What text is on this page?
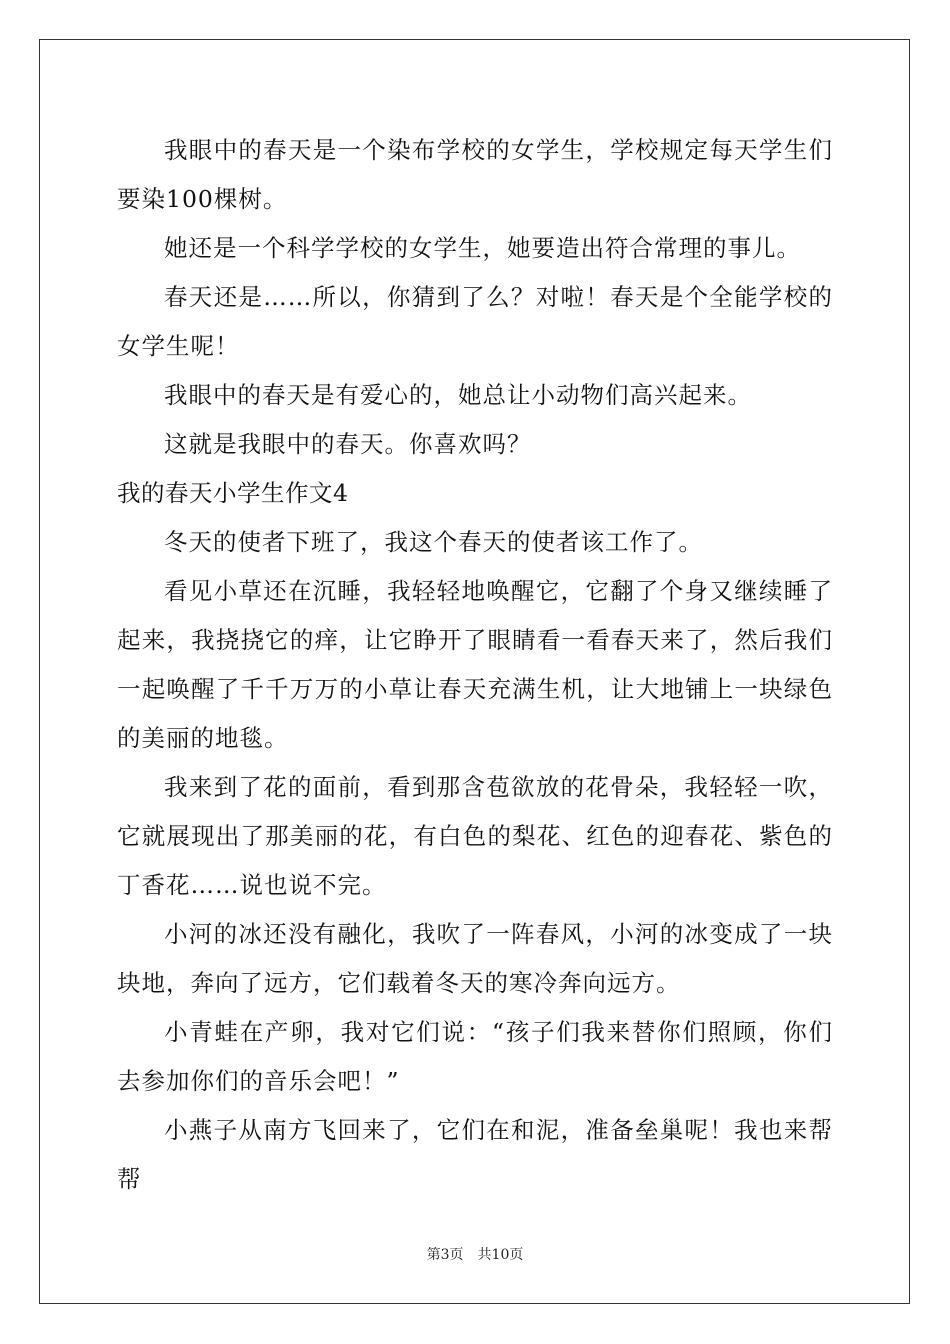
我眼中的春天是一个染布学校的女学生，学校规定每天学生们要染100棵树。

她还是一个科学学校的女学生，她要造出符合常理的事儿。

春天还是……所以，你猜到了么？对啦！春天是个全能学校的女学生呢！

我眼中的春天是有爱心的，她总让小动物们高兴起来。

这就是我眼中的春天。你喜欢吗？

我的春天小学生作文4

冬天的使者下班了，我这个春天的使者该工作了。

看见小草还在沉睡，我轻轻地唤醒它，它翻了个身又继续睡了起来，我挠挠它的痒，让它睁开了眼睛看一看春天来了，然后我们一起唤醒了千千万万的小草让春天充满生机，让大地铺上一块绿色的美丽的地毯。

我来到了花的面前，看到那含苞欲放的花骨朵，我轻轻一吹，它就展现出了那美丽的花，有白色的梨花、红色的迎春花、紫色的丁香花……说也说不完。

小河的冰还没有融化，我吹了一阵春风，小河的冰变成了一块块地，奔向了远方，它们载着冬天的寒冷奔向远方。

小青蛙在产卵，我对它们说：“孩子们我来替你们照顾，你们去参加你们的音乐会吧！”

小燕子从南方飞回来了，它们在和泥，准备垒巢呢！我也来帮帮

第3页 共10页
